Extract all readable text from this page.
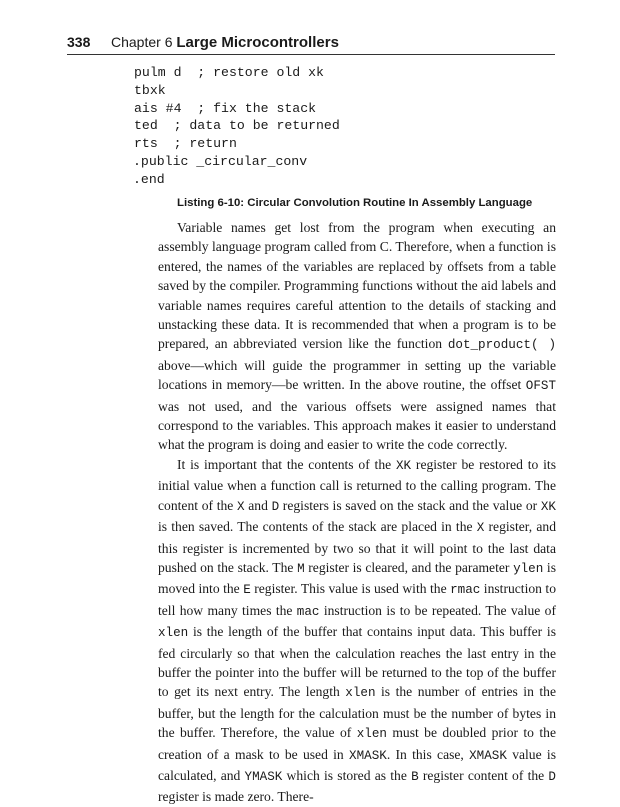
338 Chapter 6 Large Microcontrollers
pulm d  ; restore old xk
tbxk
ais #4  ; fix the stack
ted  ; data to be returned
rts  ; return
.public _circular_conv
.end
Listing 6-10: Circular Convolution Routine In Assembly Language

Variable names get lost from the program when executing an assembly language program called from C. Therefore, when a function is entered, the names of the variables are replaced by offsets from a table saved by the compiler. Programming functions without the aid labels and variable names requires careful attention to the details of stacking and unstacking these data. It is recommended that when a program is to be prepared, an abbreviated version like the function dot_product( ) above—which will guide the programmer in setting up the variable locations in memory—be written. In the above routine, the offset OFST was not used, and the various offsets were assigned names that correspond to the variables. This approach makes it easier to understand what the program is doing and easier to write the code correctly.

It is important that the contents of the XK register be restored to its initial value when a function call is returned to the calling program. The content of the X and D registers is saved on the stack and the value or XK is then saved. The contents of the stack are placed in the X register, and this register is incremented by two so that it will point to the last data pushed on the stack. The M register is cleared, and the parameter ylen is moved into the E register. This value is used with the rmac instruction to tell how many times the mac instruction is to be repeated. The value of xlen is the length of the buffer that contains input data. This buffer is fed circularly so that when the calculation reaches the last entry in the buffer the pointer into the buffer will be returned to the top of the buffer to get its next entry. The length xlen is the number of entries in the buffer, but the length for the calculation must be the number of bytes in the buffer. Therefore, the value of xlen must be doubled prior to the creation of a mask to be used in XMASK. In this case, XMASK value is calculated, and YMASK which is stored as the B register content of the D register is made zero. There-
